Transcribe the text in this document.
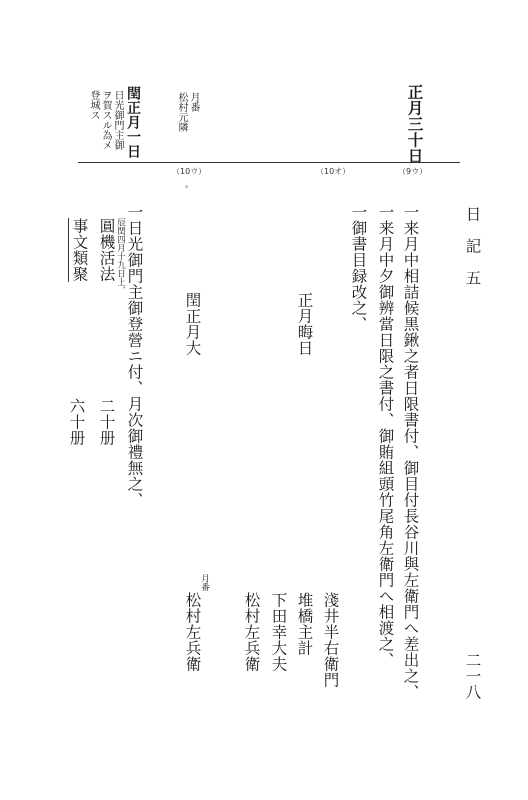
日　記　五
二一八
正月三十日
月番
松村元隣
閏正月一日
日光御門主御
ヲ賀スル為メ
登城ス
（9ウ）
（10オ）
（10ウ）
。
一来月中相詰候黒鍬之者日限書付、御目付長谷川與左衛門へ差出之、
一来月中夕御辨當日限之書付、御賄組頭竹尾角左衛門へ相渡之、
一御書目録改之、
正月晦日
淺井半右衛門
堆橋主計
下田幸大夫
松村左兵衛
閏正月大
月番
松村左兵衛
一日光御門主御登營ニ付、月次御禮無之、
辰閏四月十九日上、
圓機活法
二十册
事文類聚
六十册
